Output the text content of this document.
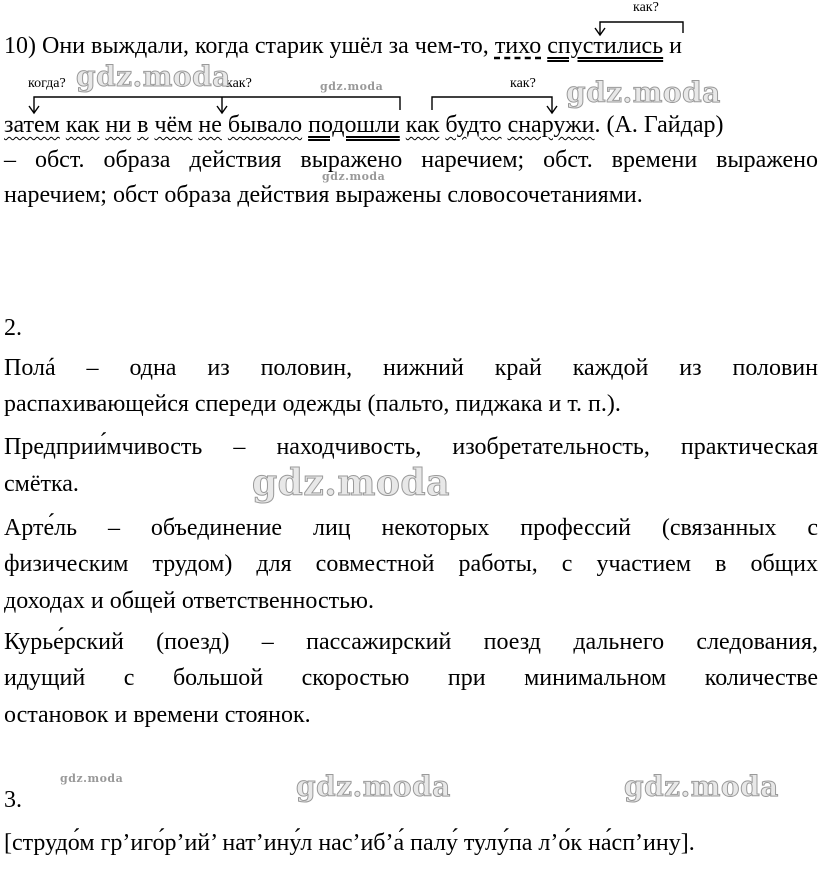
как?
когда?	как?	как?
10) Они выждали, когда старик ушёл за чем-то, тихо спустились и
затем как ни в чём не бывало подошли как будто снаружи. (А. Гайдар)
– обст. образа действия выражено наречием; обст. времени выражено
наречием; обст образа действия выражены словосочетаниями.
2.
Полá – одна из половин, нижний край каждой из половин
распахивающейся спереди одежды (пальто, пиджака и т. п.).
Предприи́мчивость – находчивость, изобретательность, практическая
смётка.
Арте́ль – объединение лиц некоторых профессий (связанных с
физическим трудом) для совместной работы, с участием в общих
доходах и общей ответственностью.
Курье́рский (поезд) – пассажирский поезд дальнего следования,
идущий с большой скоростью при минимальном количестве
остановок и времени стоянок.
3.
[струдо́м гр’иго́р’ий’ нат’ину́л нас’иб’а́ палу́ тулу́па л’о́к на́сп’ину].
gdz.moda	gdz.moda	gdz.moda
gdz.moda
gdz.moda
gdz.moda	gdz.moda	gdz.moda
